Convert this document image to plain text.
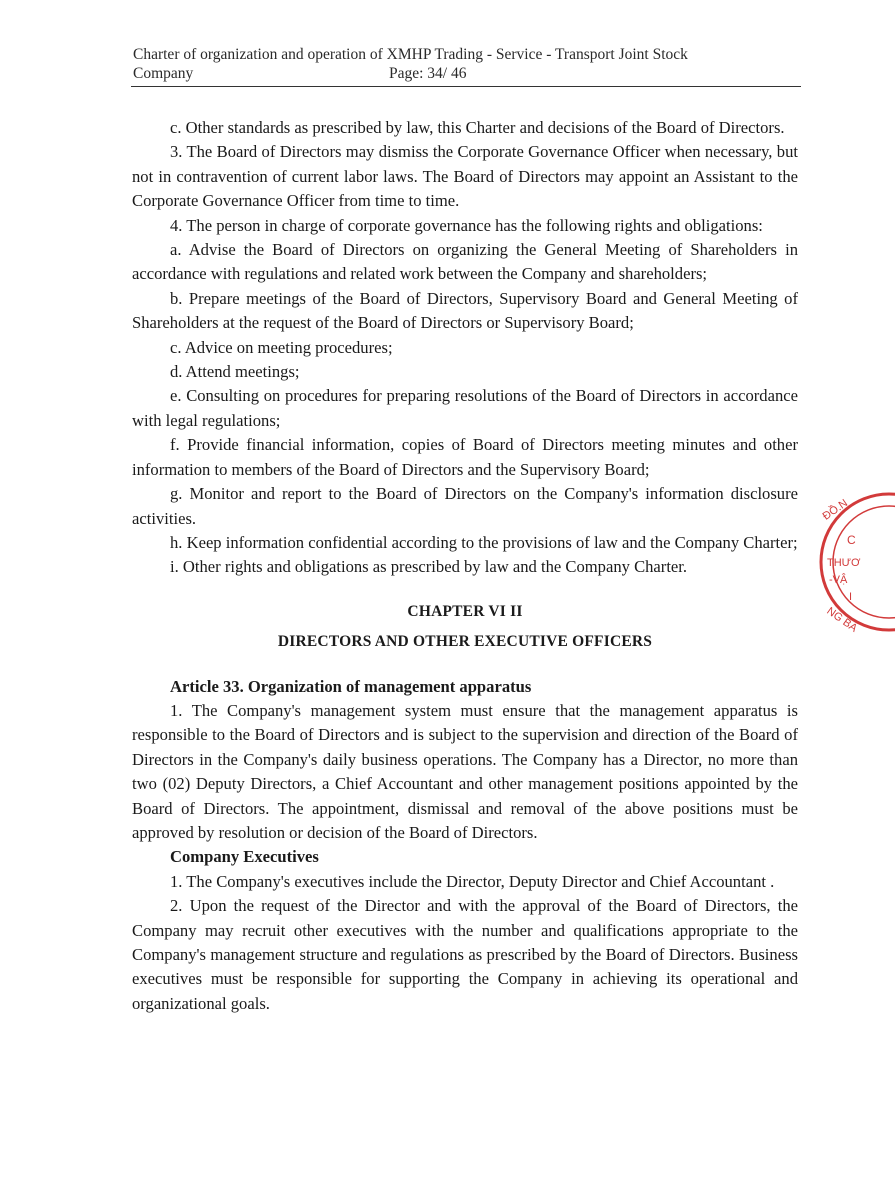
Charter of organization and operation of XMHP Trading - Service - Transport Joint Stock
Company	Page: 34/ 46

c. Other standards as prescribed by law, this Charter and decisions of the Board of Directors.

3. The Board of Directors may dismiss the Corporate Governance Officer when necessary, but not in contravention of current labor laws. The Board of Directors may appoint an Assistant to the Corporate Governance Officer from time to time.

4. The person in charge of corporate governance has the following rights and obligations:

a. Advise the Board of Directors on organizing the General Meeting of Shareholders in accordance with regulations and related work between the Company and shareholders;

b. Prepare meetings of the Board of Directors, Supervisory Board and General Meeting of Shareholders at the request of the Board of Directors or Supervisory Board;

c. Advice on meeting procedures;

d. Attend meetings;

e. Consulting on procedures for preparing resolutions of the Board of Directors in accordance with legal regulations;

f. Provide financial information, copies of Board of Directors meeting minutes and other information to members of the Board of Directors and the Supervisory Board;

g. Monitor and report to the Board of Directors on the Company's information disclosure activities.

h. Keep information confidential according to the provisions of law and the Company Charter;

i. Other rights and obligations as prescribed by law and the Company Charter.

CHAPTER VI II

DIRECTORS AND OTHER EXECUTIVE OFFICERS

Article 33. Organization of management apparatus

1. The Company's management system must ensure that the management apparatus is responsible to the Board of Directors and is subject to the supervision and direction of the Board of Directors in the Company's daily business operations. The Company has a Director, no more than two (02) Deputy Directors, a Chief Accountant and other management positions appointed by the Board of Directors. The appointment, dismissal and removal of the above positions must be approved by resolution or decision of the Board of Directors.

Company Executives

1. The Company's executives include the Director, Deputy Director and Chief Accountant .

2. Upon the request of the Director and with the approval of the Board of Directors, the Company may recruit other executives with the number and qualifications appropriate to the Company's management structure and regulations as prescribed by the Board of Directors. Business executives must be responsible for supporting the Company in achieving its operational and organizational goals.

ĐỒ.N
C
THƯƠ
-VẬ
I
NG BA
